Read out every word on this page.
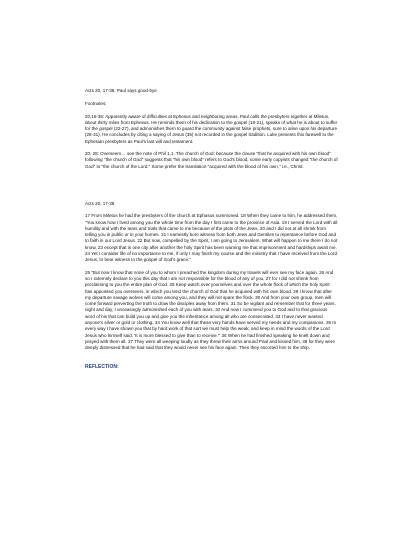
Acts 20, 17-38: Paul says good-bye

Footnotes:

20,16-35: Apparently aware of difficulties at Ephesus and neighboring areas, Paul calls the presbyters together at Miletus, about thirty miles from Ephesus. He reminds them of his dedication to the gospel (18-21), speaks of what he is about to suffer for the gospel (22-27), and admonishes them to guard the community against false prophets, sure to arise upon his departure (28-31). He concludes by citing a saying of Jesus (35) not recorded in the gospel tradition. Luke presents this farewell to the Ephesian presbyters as Paul's last will and testament.

20, 28: Overseers… see the note of Phil 1,1. The church of God: because the clause "that he acquired with his own blood" following "the church of God" suggests that "his own blood" refers to God's blood, some early copyists changed "the church of God" to "the church of the Lord." Some prefer the translation "acquired with the blood of his own," i.e., Christ.

Acts 20, 17-38

17 From Miletus he had the presbyters of the church at Ephasus summoned. 18 When they came to him, he addressed them, "You know how I lived among you the whole time from the day I first came to the province of Asia. 19 I served the Lord with all humility and with the tears and trials that came to me because of the plots of the Jews, 20 and I did not at all shrink from telling you in public or in your homes. 21 I earnestly bore witness from both Jews and Gentiles to repentance before God and to faith in our Lord Jesus. 22 But now, compelled by the Spirit, I am going to Jerusalem. What will happen to me there I do not know, 23 except that in one city after another the holy Spirit has been warning me that imprisonment and hardships await me. 24 Yet I consider life of no importance to me, if only I may finish my course and the ministry that I have received from the Lord Jesus, to bear witness to the gospel of God's grace."

25 "But now I know that none of you to whom I preached the kingdom during my travels will ever see my face again. 26 And so I solemnly declare to you this day that I am not responsible for the blood of any of you, 27 for I did not shrink from proclaiming to you the entire plan of God. 28 Keep watch over yourselves and over the whole flock of which the holy Spirit has appointed you overseers, in which you tend the church of God that he acquired with his own blood. 29 I know that after my departure savage wolves will come among you, and they will not spare the flock. 30 And from your own group, men will come forward perverting the truth to draw the disciples away from them. 31 So be vigilant and remember that for three years, night and day, I unceasingly admonished each of you with tears. 32 And now I commend you to God and to that gracious word of his that can build you up and give you the inheritance among all who are consecrated. 33 I have never wanted anyone's silver or gold or clothing. 34 You know well that these very hands have served my needs and my companions. 35 In every way I have shown you that by hard work of that sort we must help the weak, and keep in mind the words of the Lord Jesus who himself said, 'It is more blessed to give than to receive.'" 36 When he had finished speaking he knelt down and prayed with them all. 37 They were all weeping loudly as they threw their arms around Paul and kissed him, 38 for they were deeply distressed that he had said that they would never see his face again. Then they escorted him to the ship.

REFLECTION:
